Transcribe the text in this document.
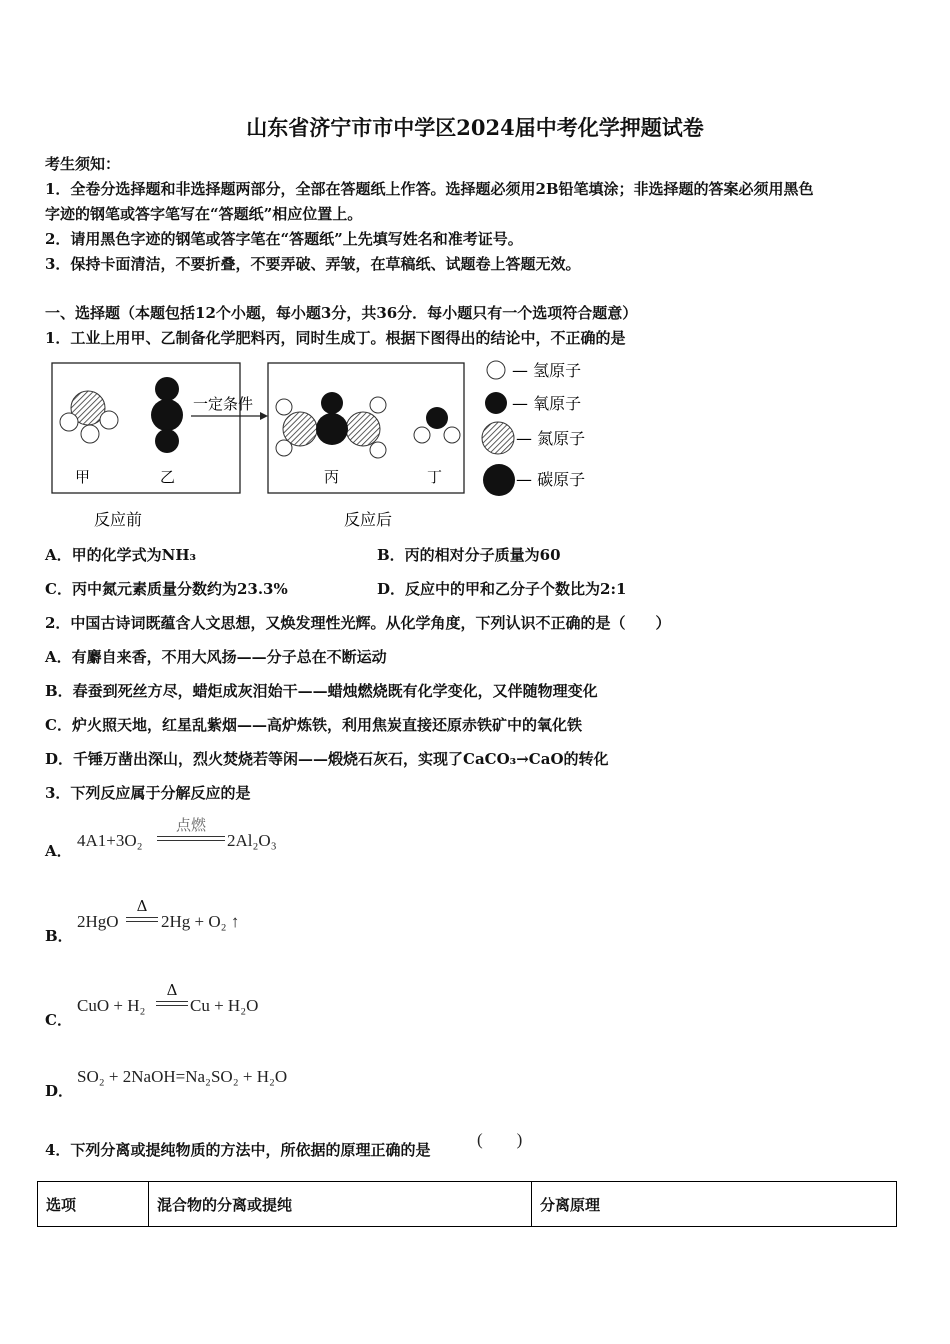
山东省济宁市市中学区2024届中考化学押题试卷
考生须知：
1．全卷分选择题和非选择题两部分，全部在答题纸上作答。选择题必须用2B铅笔填涂；非选择题的答案必须用黑色
字迹的钢笔或答字笔写在“答题纸”相应位置上。
2．请用黑色字迹的钢笔或答字笔在“答题纸”上先填写姓名和准考证号。
3．保持卡面清洁，不要折叠，不要弄破、弄皱，在草稿纸、试题卷上答题无效。
一、选择题（本题包括12个小题，每小题3分，共36分．每小题只有一个选项符合题意）
1．工业上用甲、乙制备化学肥料丙，同时生成丁。根据下图得出的结论中，不正确的是
甲	乙
一定条件
丙	丁
— 氢原子
— 氧原子
— 氮原子
— 碳原子
反应前	反应后
A．甲的化学式为NH₃	B．丙的相对分子质量为60
C．丙中氮元素质量分数约为23.3%	D．反应中的甲和乙分子个数比为2:1
2．中国古诗词既蕴含人文思想，又焕发理性光辉。从化学角度，下列认识不正确的是（　　）
A．有麝自来香，不用大风扬——分子总在不断运动
B．春蚕到死丝方尽，蜡炬成灰泪始干——蜡烛燃烧既有化学变化，又伴随物理变化
C．炉火照天地，红星乱紫烟——高炉炼铁，利用焦炭直接还原赤铁矿中的氧化铁
D．千锤万凿出深山，烈火焚烧若等闲——煅烧石灰石，实现了CaCO₃→CaO的转化
3．下列反应属于分解反应的是
A．
4A1+3O₂
点燃
2Al₂O₃
B．
2HgO
Δ
2Hg + O₂ ↑
C．
CuO + H₂
Δ
Cu + H₂O
D．
SO₂ + 2NaOH=Na₂SO₂ + H₂O
4．下列分离或提纯物质的方法中，所依据的原理正确的是
(　　)
选项	混合物的分离或提纯	分离原理
